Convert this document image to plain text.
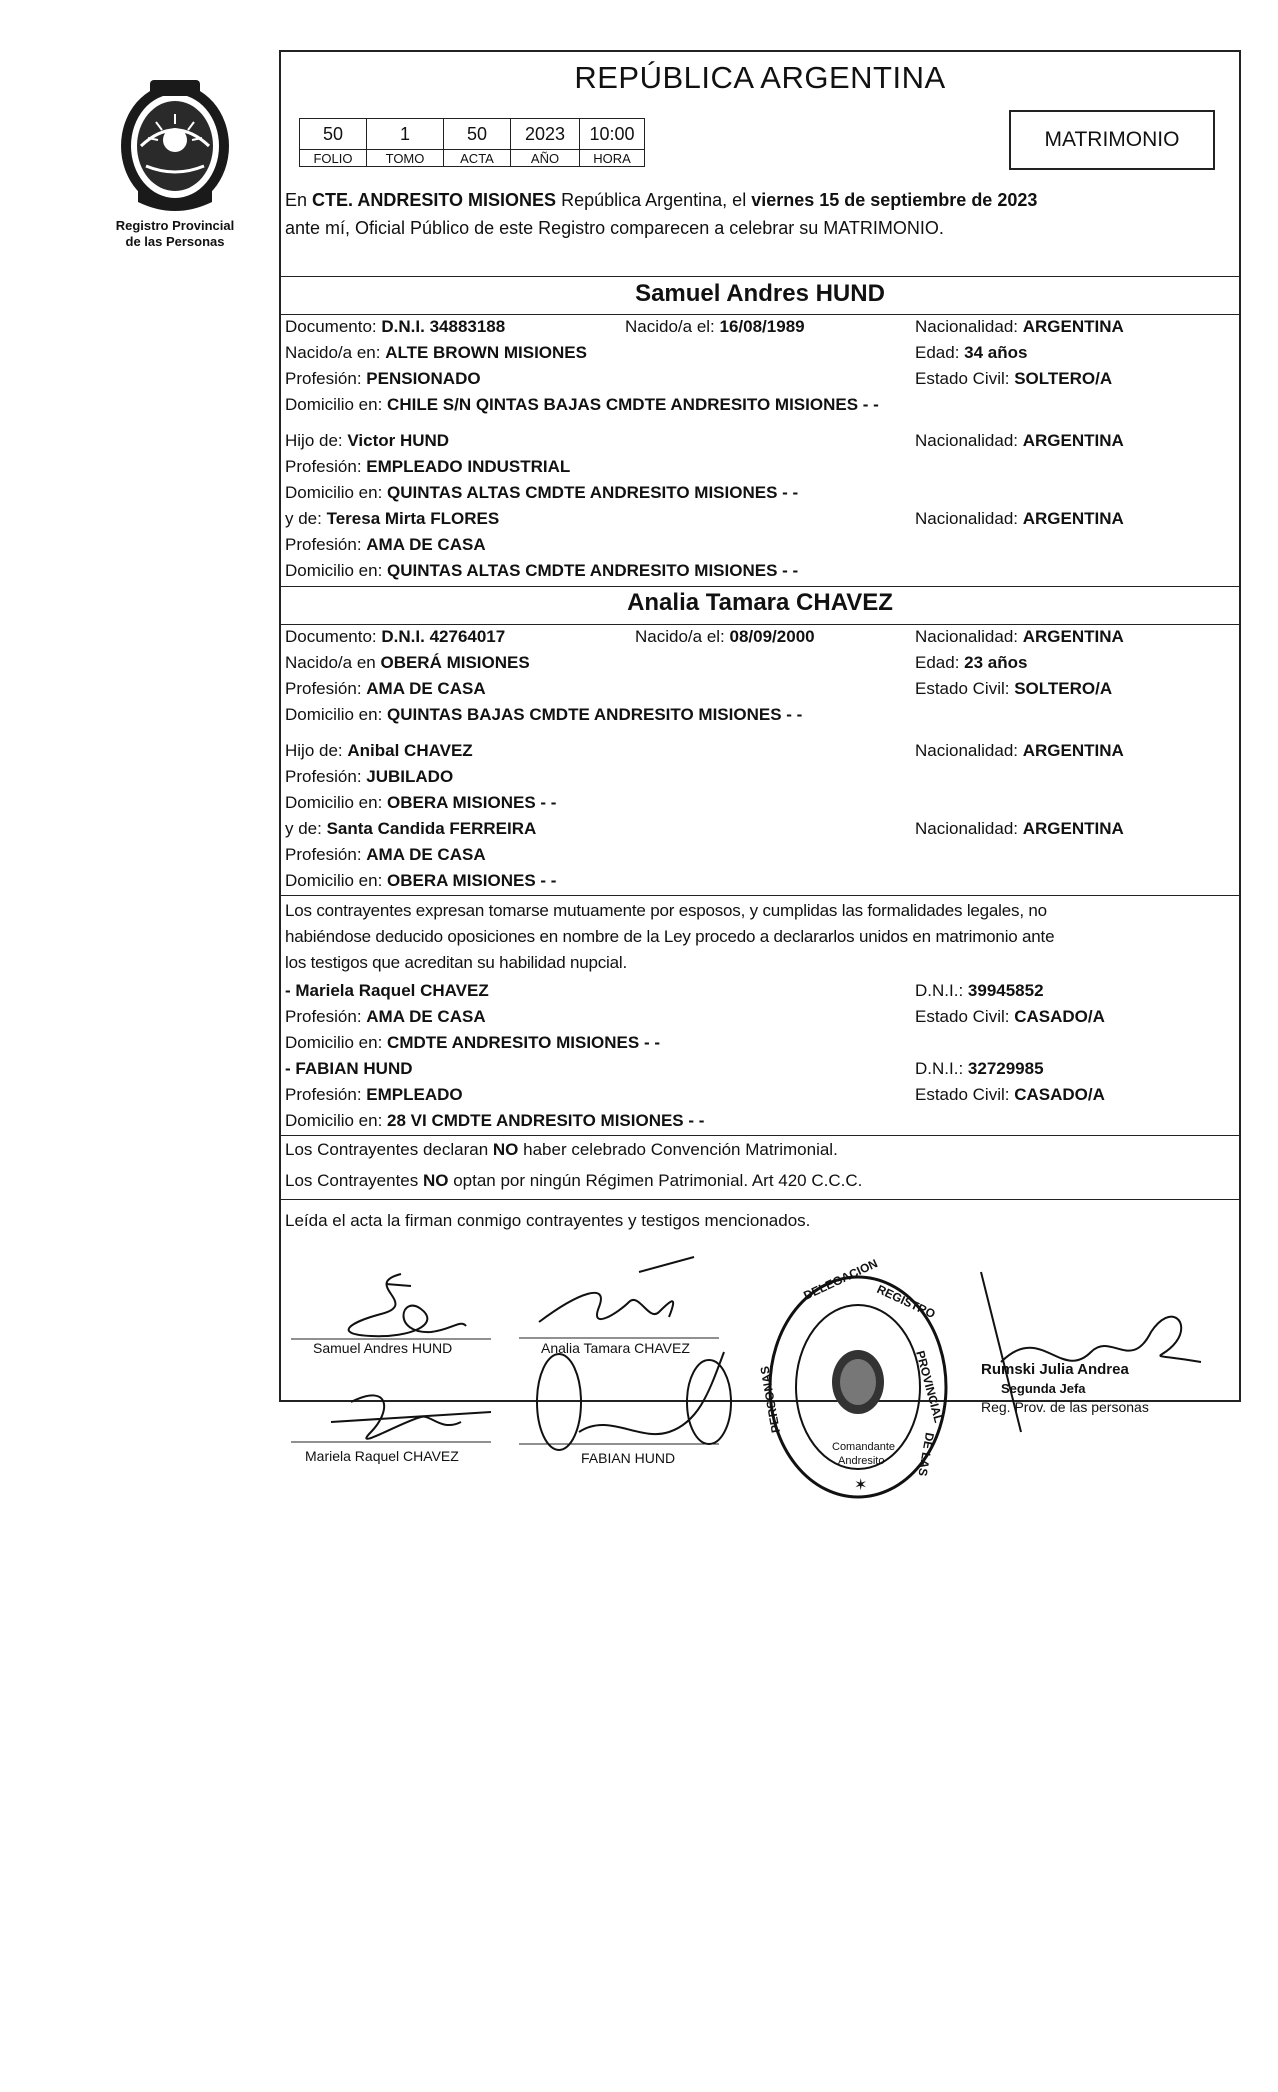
Registro Provincial
de las Personas
REPÚBLICA ARGENTINA
50	1	50	2023	10:00
FOLIO	TOMO	ACTA	AÑO	HORA
MATRIMONIO
En CTE. ANDRESITO MISIONES República Argentina, el viernes 15 de septiembre de 2023
ante mí, Oficial Público de este Registro comparecen a celebrar su MATRIMONIO.
Samuel Andres HUND
Documento: D.N.I. 34883188	Nacido/a el: 16/08/1989	Nacionalidad: ARGENTINA
Nacido/a en: ALTE BROWN MISIONES	Edad: 34 años
Profesión: PENSIONADO	Estado Civil: SOLTERO/A
Domicilio en: CHILE S/N QINTAS BAJAS CMDTE ANDRESITO MISIONES - -
Hijo de: Victor HUND	Nacionalidad: ARGENTINA
Profesión: EMPLEADO INDUSTRIAL
Domicilio en: QUINTAS ALTAS CMDTE ANDRESITO MISIONES - -
y de: Teresa Mirta FLORES	Nacionalidad: ARGENTINA
Profesión: AMA DE CASA
Domicilio en: QUINTAS ALTAS CMDTE ANDRESITO MISIONES - -
Analia Tamara CHAVEZ
Documento: D.N.I. 42764017	Nacido/a el: 08/09/2000	Nacionalidad: ARGENTINA
Nacido/a en OBERÁ MISIONES	Edad: 23 años
Profesión: AMA DE CASA	Estado Civil: SOLTERO/A
Domicilio en: QUINTAS BAJAS CMDTE ANDRESITO MISIONES - -
Hijo de: Anibal CHAVEZ	Nacionalidad: ARGENTINA
Profesión: JUBILADO
Domicilio en: OBERA MISIONES - -
y de: Santa Candida FERREIRA	Nacionalidad: ARGENTINA
Profesión: AMA DE CASA
Domicilio en: OBERA MISIONES - -
Los contrayentes expresan tomarse mutuamente por esposos, y cumplidas las formalidades legales, no
habiéndose deducido oposiciones en nombre de la Ley procedo a declararlos unidos en matrimonio ante
los testigos que acreditan su habilidad nupcial.
- Mariela Raquel CHAVEZ	D.N.I.: 39945852
Profesión: AMA DE CASA	Estado Civil: CASADO/A
Domicilio en: CMDTE ANDRESITO MISIONES - -
- FABIAN HUND	D.N.I.: 32729985
Profesión: EMPLEADO	Estado Civil: CASADO/A
Domicilio en: 28 VI CMDTE ANDRESITO MISIONES - -
Los Contrayentes declaran NO haber celebrado Convención Matrimonial.
Los Contrayentes NO optan por ningún Régimen Patrimonial. Art 420 C.C.C.
Leída el acta la firman conmigo contrayentes y testigos mencionados.
Samuel Andres HUND	Analia Tamara CHAVEZ
Mariela Raquel CHAVEZ	FABIAN HUND
DELEGACION
REGISTRO
PROVINCIAL
DE LAS
PERSONAS
Comandante
Andresito
✶
Rumski Julia Andrea
Segunda Jefa
Reg. Prov. de las personas
